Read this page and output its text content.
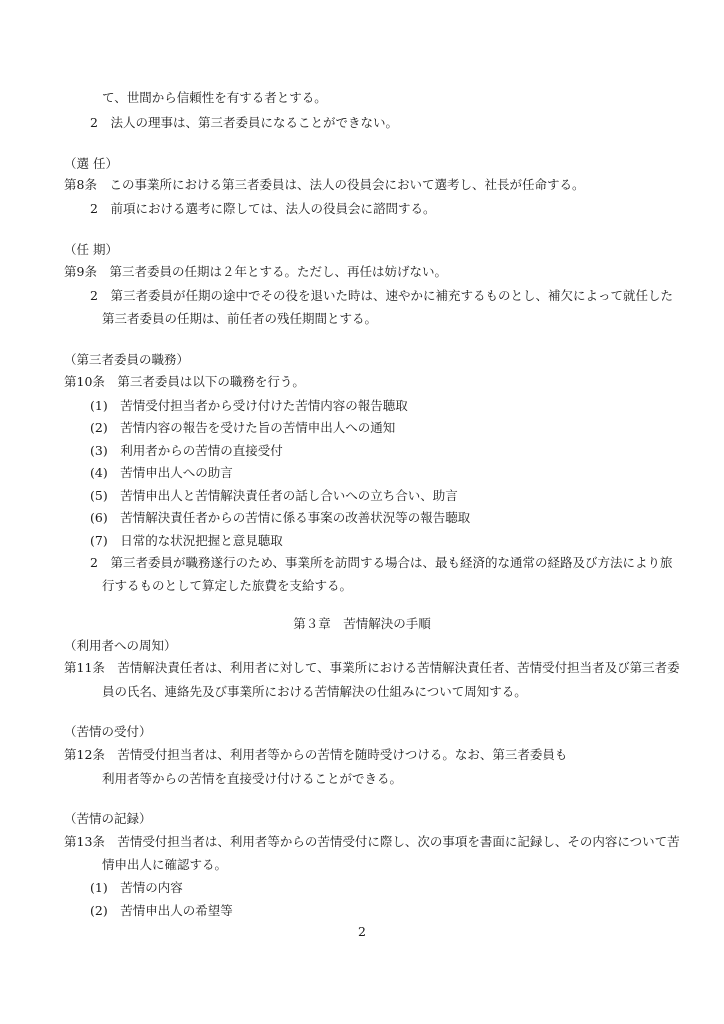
て、世間から信頼性を有する者とする。
2　法人の理事は、第三者委員になることができない。
（選 任）
第8条　この事業所における第三者委員は、法人の役員会において選考し、社長が任命する。
2　前項における選考に際しては、法人の役員会に諮問する。
（任 期）
第9条　第三者委員の任期は２年とする。ただし、再任は妨げない。
2　第三者委員が任期の途中でその役を退いた時は、速やかに補充するものとし、補欠によって就任した
第三者委員の任期は、前任者の残任期間とする。
（第三者委員の職務）
第10条　第三者委員は以下の職務を行う。
(1)　苦情受付担当者から受け付けた苦情内容の報告聴取
(2)　苦情内容の報告を受けた旨の苦情申出人への通知
(3)　利用者からの苦情の直接受付
(4)　苦情申出人への助言
(5)　苦情申出人と苦情解決責任者の話し合いへの立ち合い、助言
(6)　苦情解決責任者からの苦情に係る事案の改善状況等の報告聴取
(7)　日常的な状況把握と意見聴取
2　第三者委員が職務遂行のため、事業所を訪問する場合は、最も経済的な通常の経路及び方法により旅
行するものとして算定した旅費を支給する。
第３章　苦情解決の手順
（利用者への周知）
第11条　苦情解決責任者は、利用者に対して、事業所における苦情解決責任者、苦情受付担当者及び第三者委
員の氏名、連絡先及び事業所における苦情解決の仕組みについて周知する。
（苦情の受付）
第12条　苦情受付担当者は、利用者等からの苦情を随時受けつける。なお、第三者委員も
利用者等からの苦情を直接受け付けることができる。
（苦情の記録）
第13条　苦情受付担当者は、利用者等からの苦情受付に際し、次の事項を書面に記録し、その内容について苦
情申出人に確認する。
(1)　苦情の内容
(2)　苦情申出人の希望等
2
